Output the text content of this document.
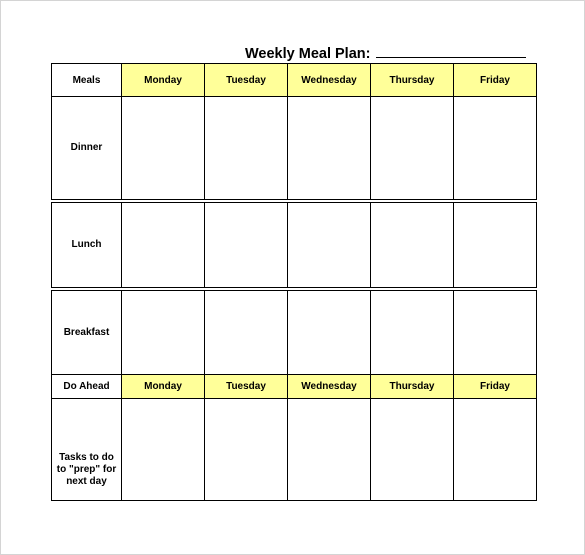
Weekly Meal Plan:
Meals	Monday	Tuesday	Wednesday	Thursday	Friday
Dinner					
Lunch					
Breakfast					
Do Ahead	Monday	Tuesday	Wednesday	Thursday	Friday
Tasks to do to "prep" for next day					
